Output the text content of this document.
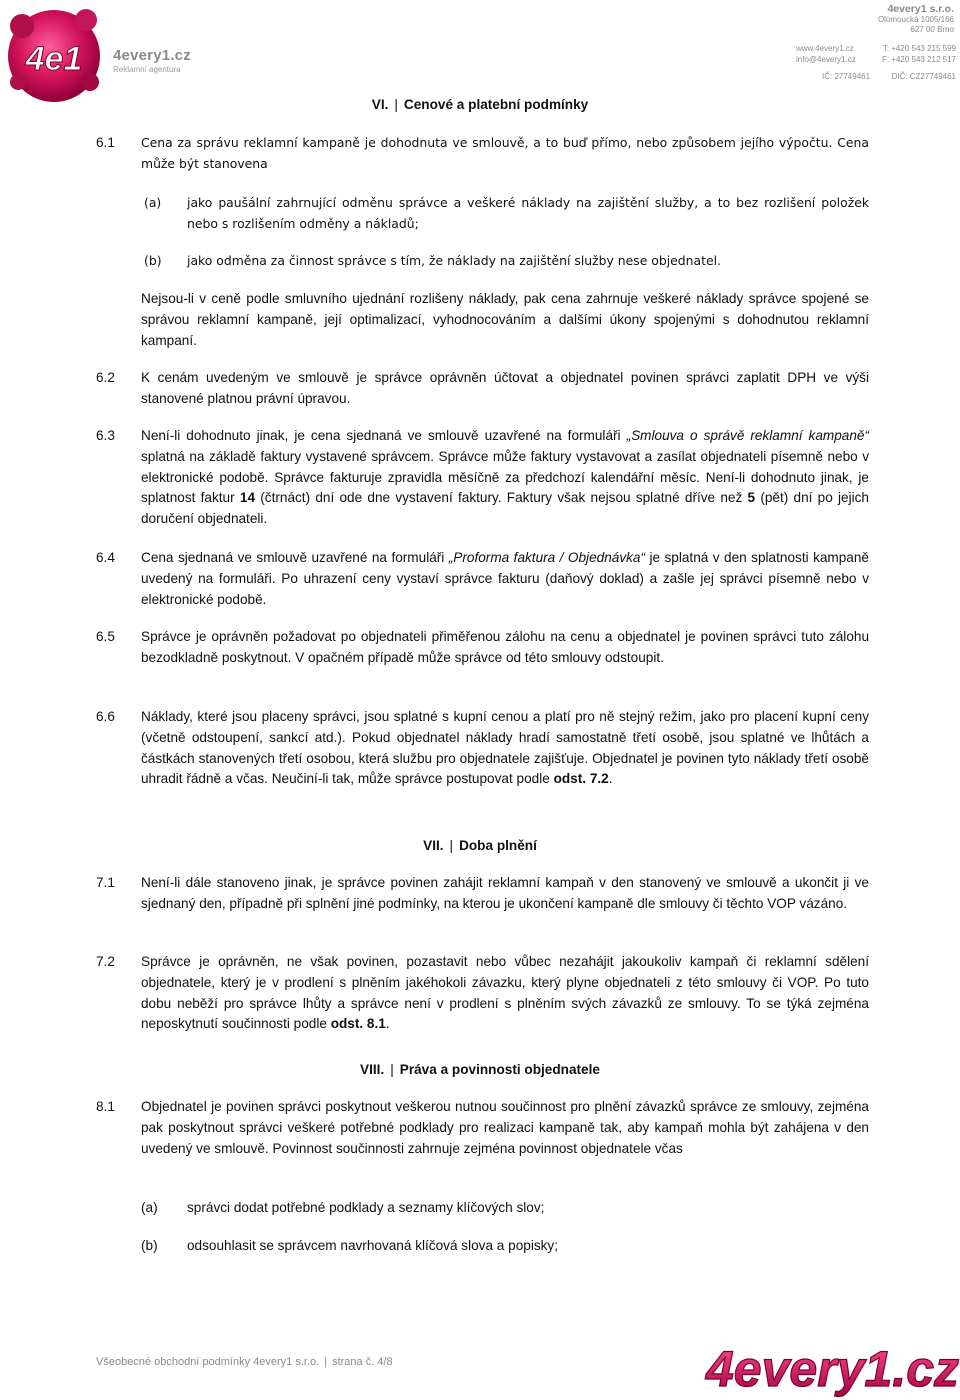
4e1 4every1.cz
Reklamní agentura
4every1 s.r.o.
Olomoucká 1005/166
627 00 Brno
www.4every1.cz	T: +420 543 215 599
info@4every1.cz	F: +420 543 212 517
IČ: 27749461	DIČ: CZ27749461
VI. | Cenové a platební podmínky
6.1 Cena za správu reklamní kampaně je dohodnuta ve smlouvě, a to buď přímo, nebo způsobem jejího výpočtu. Cena může být stanovena
(a) jako paušální zahrnující odměnu správce a veškeré náklady na zajištění služby, a to bez rozlišení položek nebo s rozlišením odměny a nákladů;
(b) jako odměna za činnost správce s tím, že náklady na zajištění služby nese objednatel.
Nejsou-li v ceně podle smluvního ujednání rozlišeny náklady, pak cena zahrnuje veškeré náklady správce spojené se správou reklamní kampaně, její optimalizací, vyhodnocováním a dalšími úkony spojenými s dohodnutou reklamní kampaní.
6.2 K cenám uvedeným ve smlouvě je správce oprávněn účtovat a objednatel povinen správci zaplatit DPH ve výši stanovené platnou právní úpravou.
6.3 Není-li dohodnuto jinak, je cena sjednaná ve smlouvě uzavřené na formuláři „Smlouva o správě reklamní kampaně“ splatná na základě faktury vystavené správcem. Správce může faktury vystavovat a zasílat objednateli písemně nebo v elektronické podobě. Správce fakturuje zpravidla měsíčně za předchozí kalendářní měsíc. Není-li dohodnuto jinak, je splatnost faktur 14 (čtrnáct) dní ode dne vystavení faktury. Faktury však nejsou splatné dříve než 5 (pět) dní po jejich doručení objednateli.
6.4 Cena sjednaná ve smlouvě uzavřené na formuláři „Proforma faktura / Objednávka“ je splatná v den splatnosti kampaně uvedený na formuláři. Po uhrazení ceny vystaví správce fakturu (daňový doklad) a zašle jej správci písemně nebo v elektronické podobě.
6.5 Správce je oprávněn požadovat po objednateli přiměřenou zálohu na cenu a objednatel je povinen správci tuto zálohu bezodkladně poskytnout. V opačném případě může správce od této smlouvy odstoupit.
6.6 Náklady, které jsou placeny správci, jsou splatné s kupní cenou a platí pro ně stejný režim, jako pro placení kupní ceny (včetně odstoupení, sankcí atd.). Pokud objednatel náklady hradí samostatně třetí osobě, jsou splatné ve lhůtách a částkách stanovených třetí osobou, která službu pro objednatele zajišťuje. Objednatel je povinen tyto náklady třetí osobě uhradit řádně a včas. Neučiní-li tak, může správce postupovat podle odst. 7.2.
VII. | Doba plnění
7.1 Není-li dále stanoveno jinak, je správce povinen zahájit reklamní kampaň v den stanovený ve smlouvě a ukončit ji ve sjednaný den, případně při splnění jiné podmínky, na kterou je ukončení kampaně dle smlouvy či těchto VOP vázáno.
7.2 Správce je oprávněn, ne však povinen, pozastavit nebo vůbec nezahájit jakoukoliv kampaň či reklamní sdělení objednatele, který je v prodlení s plněním jakéhokoli závazku, který plyne objednateli z této smlouvy či VOP. Po tuto dobu neběží pro správce lhůty a správce není v prodlení s plněním svých závazků ze smlouvy. To se týká zejména neposkytnutí součinnosti podle odst. 8.1.
VIII. | Práva a povinnosti objednatele
8.1 Objednatel je povinen správci poskytnout veškerou nutnou součinnost pro plnění závazků správce ze smlouvy, zejména pak poskytnout správci veškeré potřebné podklady pro realizaci kampaně tak, aby kampaň mohla být zahájena v den uvedený ve smlouvě. Povinnost součinnosti zahrnuje zejména povinnost objednatele včas
(a) správci dodat potřebné podklady a seznamy klíčových slov;
(b) odsouhlasit se správcem navrhovaná klíčová slova a popisky;
Všeobecné obchodní podmínky 4every1 s.r.o. | strana č. 4/8	4every1.cz
